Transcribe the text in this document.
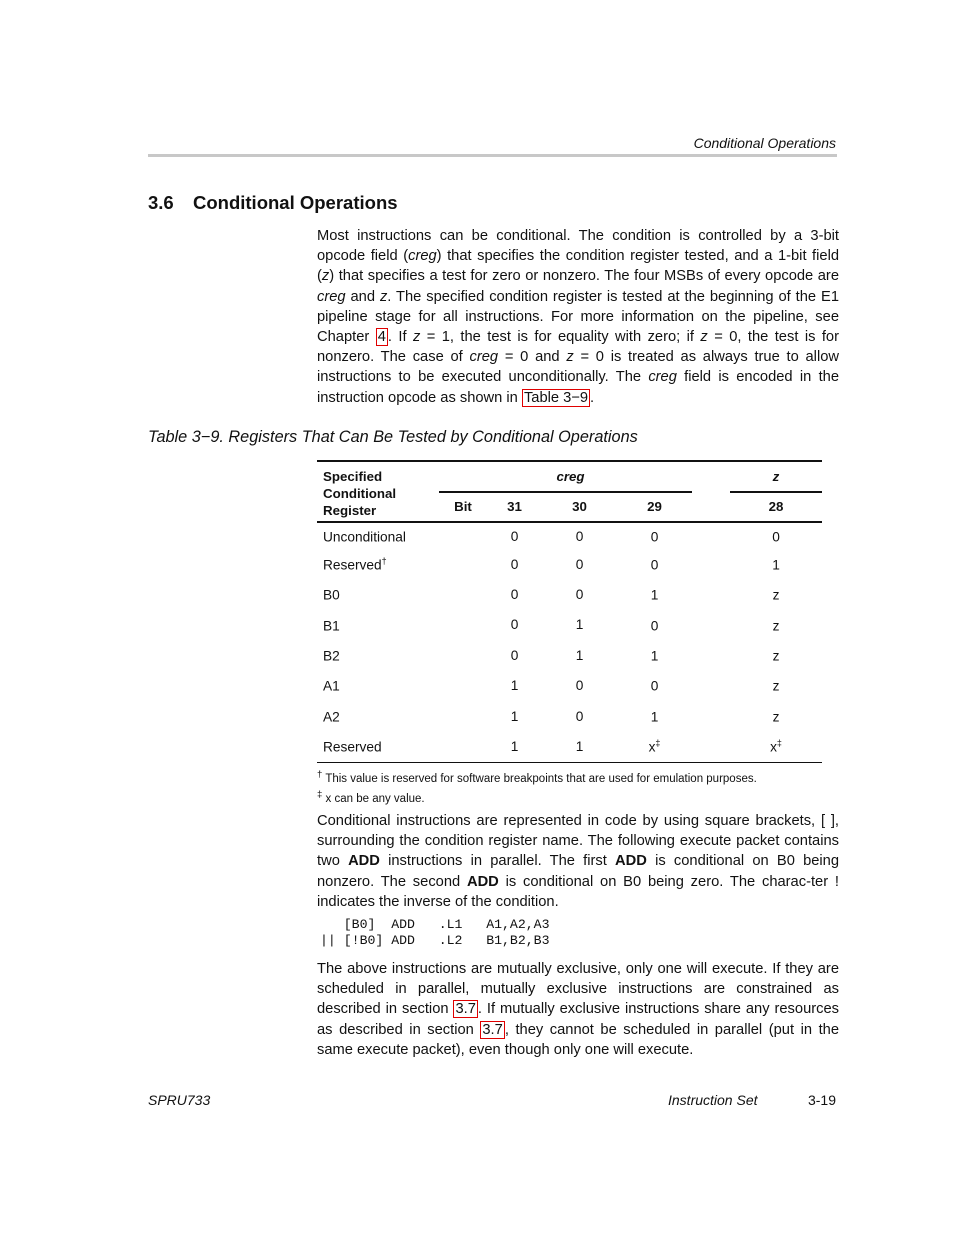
Conditional Operations
3.6 Conditional Operations
Most instructions can be conditional. The condition is controlled by a 3-bit opcode field (creg) that specifies the condition register tested, and a 1-bit field (z) that specifies a test for zero or nonzero. The four MSBs of every opcode are creg and z. The specified condition register is tested at the beginning of the E1 pipeline stage for all instructions. For more information on the pipeline, see Chapter 4 . If z = 1, the test is for equality with zero; if z = 0, the test is for nonzero. The case of creg = 0 and z = 0 is treated as always true to allow instructions to be executed unconditionally. The creg field is encoded in the instruction opcode as shown in Table 3−9 .
Table 3−9. Registers That Can Be Tested by Conditional Operations
Specified
Conditional
Register	creg					z
	Bit	31	30	29		28
Unconditional		0	0	0		0
Reserved†		0	0	0		1
B0		0	0	1		z
B1		0	1	0		z
B2		0	1	1		z
A1		1	0	0		z
A2		1	0	1		z
Reserved		1	1	x‡		x‡
† This value is reserved for software breakpoints that are used for emulation purposes.
‡ x can be any value.
Conditional instructions are represented in code by using square brackets, [ ], surrounding the condition register name. The following execute packet contains two ADD instructions in parallel. The first ADD is conditional on B0 being nonzero. The second ADD is conditional on B0 being zero. The charac-ter ! indicates the inverse of the condition.
[B0]  ADD   .L1   A1,A2,A3
|| [!B0] ADD   .L2   B1,B2,B3
The above instructions are mutually exclusive, only one will execute. If they are scheduled in parallel, mutually exclusive instructions are constrained as described in section 3.7 . If mutually exclusive instructions share any resources as described in section 3.7 , they cannot be scheduled in parallel (put in the same execute packet), even though only one will execute.
SPRU733	Instruction Set	3-19
